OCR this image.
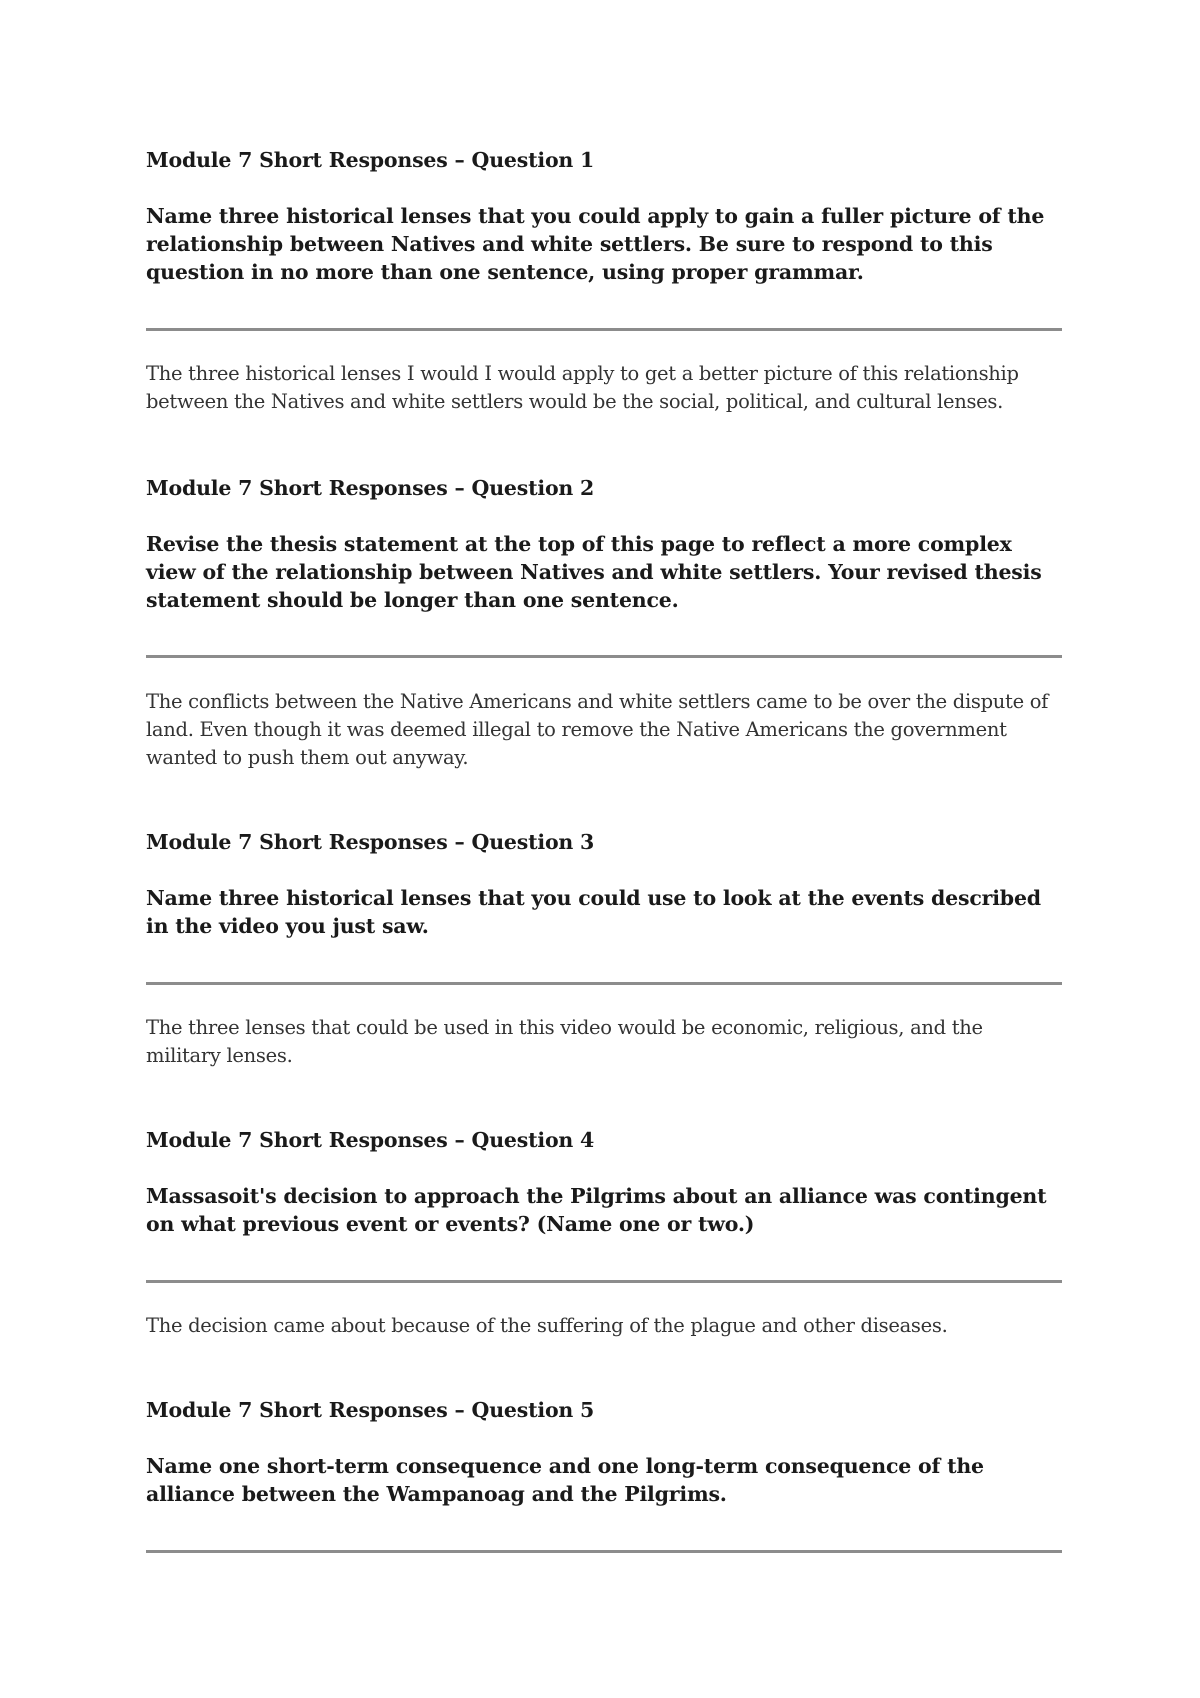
Module 7 Short Responses – Question 1

Name three historical lenses that you could apply to gain a fuller picture of the relationship between Natives and white settlers. Be sure to respond to this question in no more than one sentence, using proper grammar.

The three historical lenses I would I would apply to get a better picture of this relationship between the Natives and white settlers would be the social, political, and cultural lenses.

Module 7 Short Responses – Question 2

Revise the thesis statement at the top of this page to reflect a more complex view of the relationship between Natives and white settlers. Your revised thesis statement should be longer than one sentence.

The conflicts between the Native Americans and white settlers came to be over the dispute of land. Even though it was deemed illegal to remove the Native Americans the government wanted to push them out anyway.

Module 7 Short Responses – Question 3

Name three historical lenses that you could use to look at the events described in the video you just saw.

The three lenses that could be used in this video would be economic, religious, and the military lenses.

Module 7 Short Responses – Question 4

Massasoit's decision to approach the Pilgrims about an alliance was contingent on what previous event or events? (Name one or two.)

The decision came about because of the suffering of the plague and other diseases.

Module 7 Short Responses – Question 5

Name one short-term consequence and one long-term consequence of the alliance between the Wampanoag and the Pilgrims.
